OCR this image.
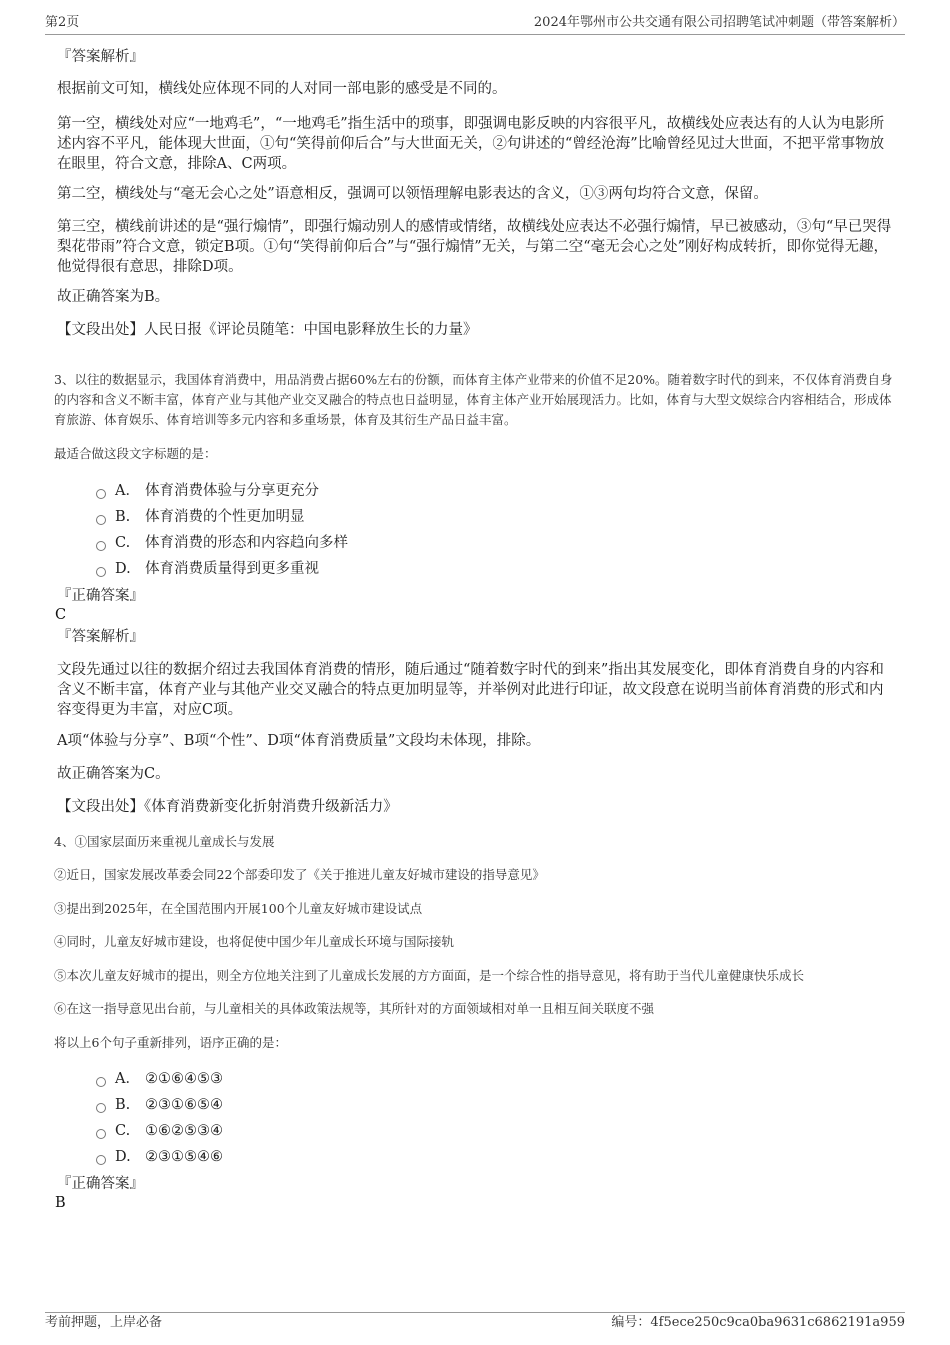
第2页	2024年鄂州市公共交通有限公司招聘笔试冲刺题（带答案解析）
『答案解析』

根据前文可知，横线处应体现不同的人对同一部电影的感受是不同的。

第一空，横线处对应“一地鸡毛”，“一地鸡毛”指生活中的琐事，即强调电影反映的内容很平凡，故横线处应表达有的人认为电影所述内容不平凡，能体现大世面，①句“笑得前仰后合”与大世面无关，②句讲述的“曾经沧海”比喻曾经见过大世面，不把平常事物放在眼里，符合文意，排除A、C两项。

第二空，横线处与“毫无会心之处”语意相反，强调可以领悟理解电影表达的含义，①③两句均符合文意，保留。

第三空，横线前讲述的是“强行煽情”，即强行煽动别人的感情或情绪，故横线处应表达不必强行煽情，早已被感动，③句“早已哭得梨花带雨”符合文意，锁定B项。①句“笑得前仰后合”与“强行煽情”无关，与第二空“毫无会心之处”刚好构成转折，即你觉得无趣，他觉得很有意思，排除D项。

故正确答案为B。

【文段出处】人民日报《评论员随笔：中国电影释放生长的力量》

3、以往的数据显示，我国体育消费中，用品消费占据60%左右的份额，而体育主体产业带来的价值不足20%。随着数字时代的到来，不仅体育消费自身的内容和含义不断丰富，体育产业与其他产业交叉融合的特点也日益明显，体育主体产业开始展现活力。比如，体育与大型文娱综合内容相结合，形成体育旅游、体育娱乐、体育培训等多元内容和多重场景，体育及其衍生产品日益丰富。

最适合做这段文字标题的是：

A． 体育消费体验与分享更充分
B.	体育消费的个性更加明显
C.	体育消费的形态和内容趋向多样
D. 体育消费质量得到更多重视
『正确答案』
C
『答案解析』

文段先通过以往的数据介绍过去我国体育消费的情形，随后通过“随着数字时代的到来”指出其发展变化，即体育消费自身的内容和含义不断丰富，体育产业与其他产业交叉融合的特点更加明显等，并举例对此进行印证，故文段意在说明当前体育消费的形式和内容变得更为丰富，对应C项。

A项“体验与分享”、B项“个性”、D项“体育消费质量”文段均未体现，排除。

故正确答案为C。

【文段出处】《体育消费新变化折射消费升级新活力》

4、①国家层面历来重视儿童成长与发展

②近日，国家发展改革委会同22个部委印发了《关于推进儿童友好城市建设的指导意见》

③提出到2025年，在全国范围内开展100个儿童友好城市建设试点

④同时，儿童友好城市建设，也将促使中国少年儿童成长环境与国际接轨

⑤本次儿童友好城市的提出，则全方位地关注到了儿童成长发展的方方面面，是一个综合性的指导意见，将有助于当代儿童健康快乐成长

⑥在这一指导意见出台前，与儿童相关的具体政策法规等，其所针对的方面领域相对单一且相互间关联度不强

将以上6个句子重新排列，语序正确的是：

A． ②①⑥④⑤③
B.	②③①⑥⑤④
C.	①⑥②⑤③④
D. ②③①⑤④⑥
『正确答案』
B
考前押题，上岸必备	编号：4f5ece250c9ca0ba9631c6862191a959
